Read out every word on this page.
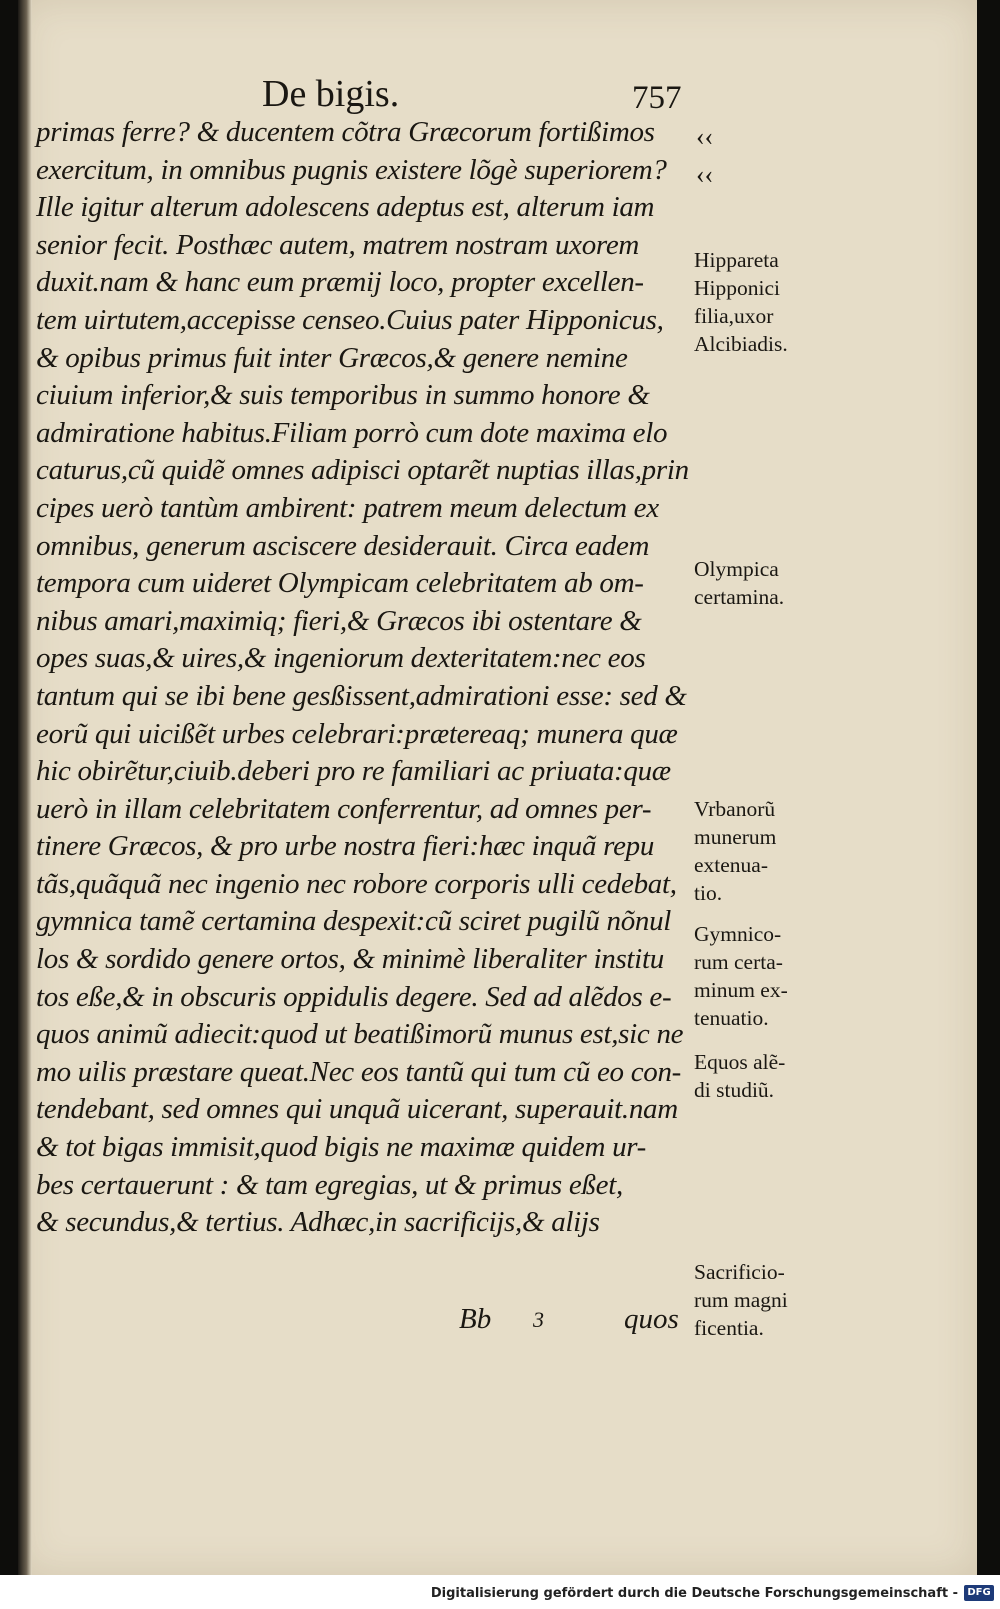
De bigis.	757
primas ferre? & ducentem cõtra Græcorum fortißimos
exercitum, in omnibus pugnis existere lõgè superiorem?
Ille igitur alterum adolescens adeptus est, alterum iam
senior fecit. Posthæc autem, matrem nostram uxorem
duxit.nam & hanc eum præmij loco, propter excellen-
tem uirtutem,accepisse censeo.Cuius pater Hipponicus,
& opibus primus fuit inter Græcos,& genere nemine
ciuium inferior,& suis temporibus in summo honore &
admiratione habitus.Filiam porrò cum dote maxima elo
caturus,cũ quidẽ omnes adipisci optarẽt nuptias illas,prin
cipes uerò tantùm ambirent: patrem meum delectum ex
omnibus, generum asciscere desiderauit. Circa eadem
tempora cum uideret Olympicam celebritatem ab om-
nibus amari,maximiq; fieri,& Græcos ibi ostentare &
opes suas,& uires,& ingeniorum dexteritatem:nec eos
tantum qui se ibi bene gesßissent,admirationi esse: sed &
eorũ qui uicißẽt urbes celebrari:prætereaq; munera quæ
hic obirẽtur,ciuib.deberi pro re familiari ac priuata:quæ
uerò in illam celebritatem conferrentur, ad omnes per-
tinere Græcos, & pro urbe nostra fieri:hæc inquã repu
tãs,quãquã nec ingenio nec robore corporis ulli cedebat,
gymnica tamẽ certamina despexit:cũ sciret pugilũ nõnul
los & sordido genere ortos, & minimè liberaliter institu
tos eße,& in obscuris oppidulis degere. Sed ad alẽdos e-
quos animũ adiecit:quod ut beatißimorũ munus est,sic ne
mo uilis præstare queat.Nec eos tantũ qui tum cũ eo con-
tendebant, sed omnes qui unquã uicerant, superauit.nam
& tot bigas immisit,quod bigis ne maximæ quidem ur-
bes certauerunt : & tam egregias, ut & primus eßet,
& secundus,& tertius. Adhæc,in sacrificijs,& alijs
Bb 3	quos
‹‹
‹‹
Hippareta
Hipponici
filia,uxor
Alcibiadis.
Olympica
certamina.
Vrbanorũ
munerum
extenua-
tio.
Gymnico-
rum certa-
minum ex-
tenuatio.
Equos alẽ-
di studiũ.
Sacrificio-
rum magni
ficentia.
Digitalisierung gefördert durch die Deutsche Forschungsgemeinschaft - DFG
